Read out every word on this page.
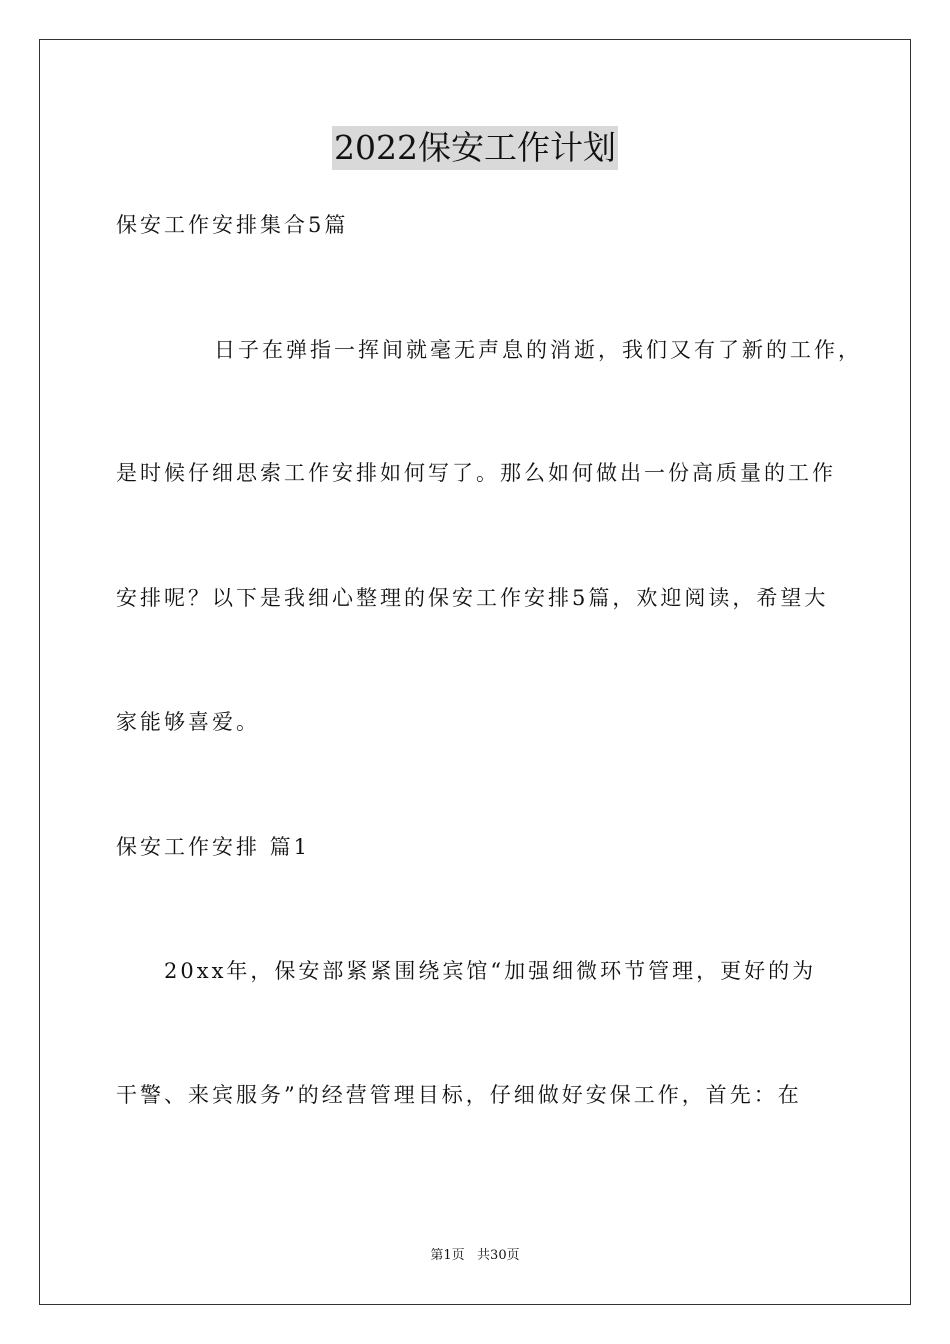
2022保安工作计划
保安工作安排集合5篇
日子在弹指一挥间就毫无声息的消逝，我们又有了新的工作，
是时候仔细思索工作安排如何写了。那么如何做出一份高质量的工作
安排呢？以下是我细心整理的保安工作安排5篇，欢迎阅读，希望大
家能够喜爱。
保安工作安排 篇1
20xx年，保安部紧紧围绕宾馆“加强细微环节管理，更好的为
干警、来宾服务”的经营管理目标，仔细做好安保工作，首先：在
第1页   共30页
